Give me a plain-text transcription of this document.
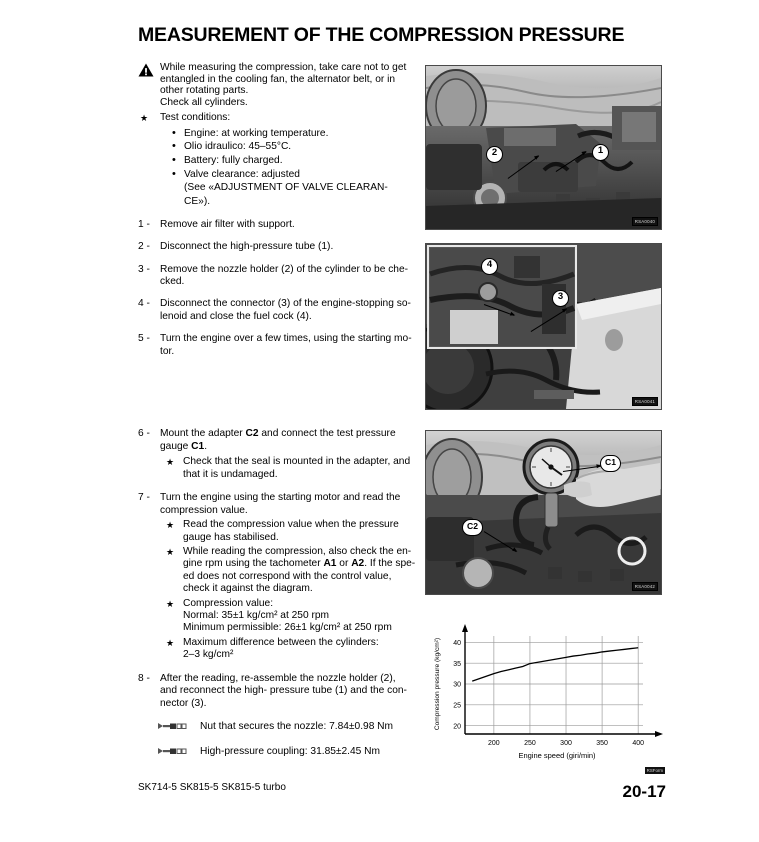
MEASUREMENT OF THE COMPRESSION PRESSURE
While measuring the compression, take care not to get
entangled in the cooling fan, the alternator belt, or in
other rotating parts.
Check all cylinders.
★ Test conditions:
• Engine: at working temperature.
• Olio idraulico: 45–55°C.
• Battery: fully charged.
• Valve clearance: adjusted
(See «ADJUSTMENT OF VALVE CLEARAN-
CE»).
1 - Remove air filter with support.
2 - Disconnect the high-pressure tube (1).
3 - Remove the nozzle holder (2) of the cylinder to be che-
cked.
4 - Disconnect the connector (3) of the engine-stopping so-
lenoid and close the fuel cock (4).
5 - Turn the engine over a few times, using the starting mo-
tor.
6 - Mount the adapter C2 and connect the test pressure
gauge C1.
★ Check that the seal is mounted in the adapter, and
that it is undamaged.
7 - Turn the engine using the starting motor and read the
compression value.
★ Read the compression value when the pressure
gauge has stabilised.
★ While reading the compression, also check the en-
gine rpm using the tachometer A1 or A2. If the spe-
ed does not correspond with the control value,
check it against the diagram.
★ Compression value:
Normal: 35±1 kg/cm² at 250 rpm
Minimum permissible: 26±1 kg/cm² at 250 rpm
★ Maximum difference between the cylinders:
2–3 kg/cm²
8 - After the reading, re-assemble the nozzle holder (2),
and reconnect the high- pressure tube (1) and the con-
nector (3).
Nut that secures the nozzle: 7.84±0.98 Nm
High-pressure coupling: 31.85±2.45 Nm
1
2
RSA0040
4
3
RSA0041
C1
C2
RSA0042
200	250	300	350	400
20
25
30
35
40
Engine speed (giri/min)
Compression pressure (kg/cm²)
RSForm
SK714-5 SK815-5 SK815-5 turbo	20-17
